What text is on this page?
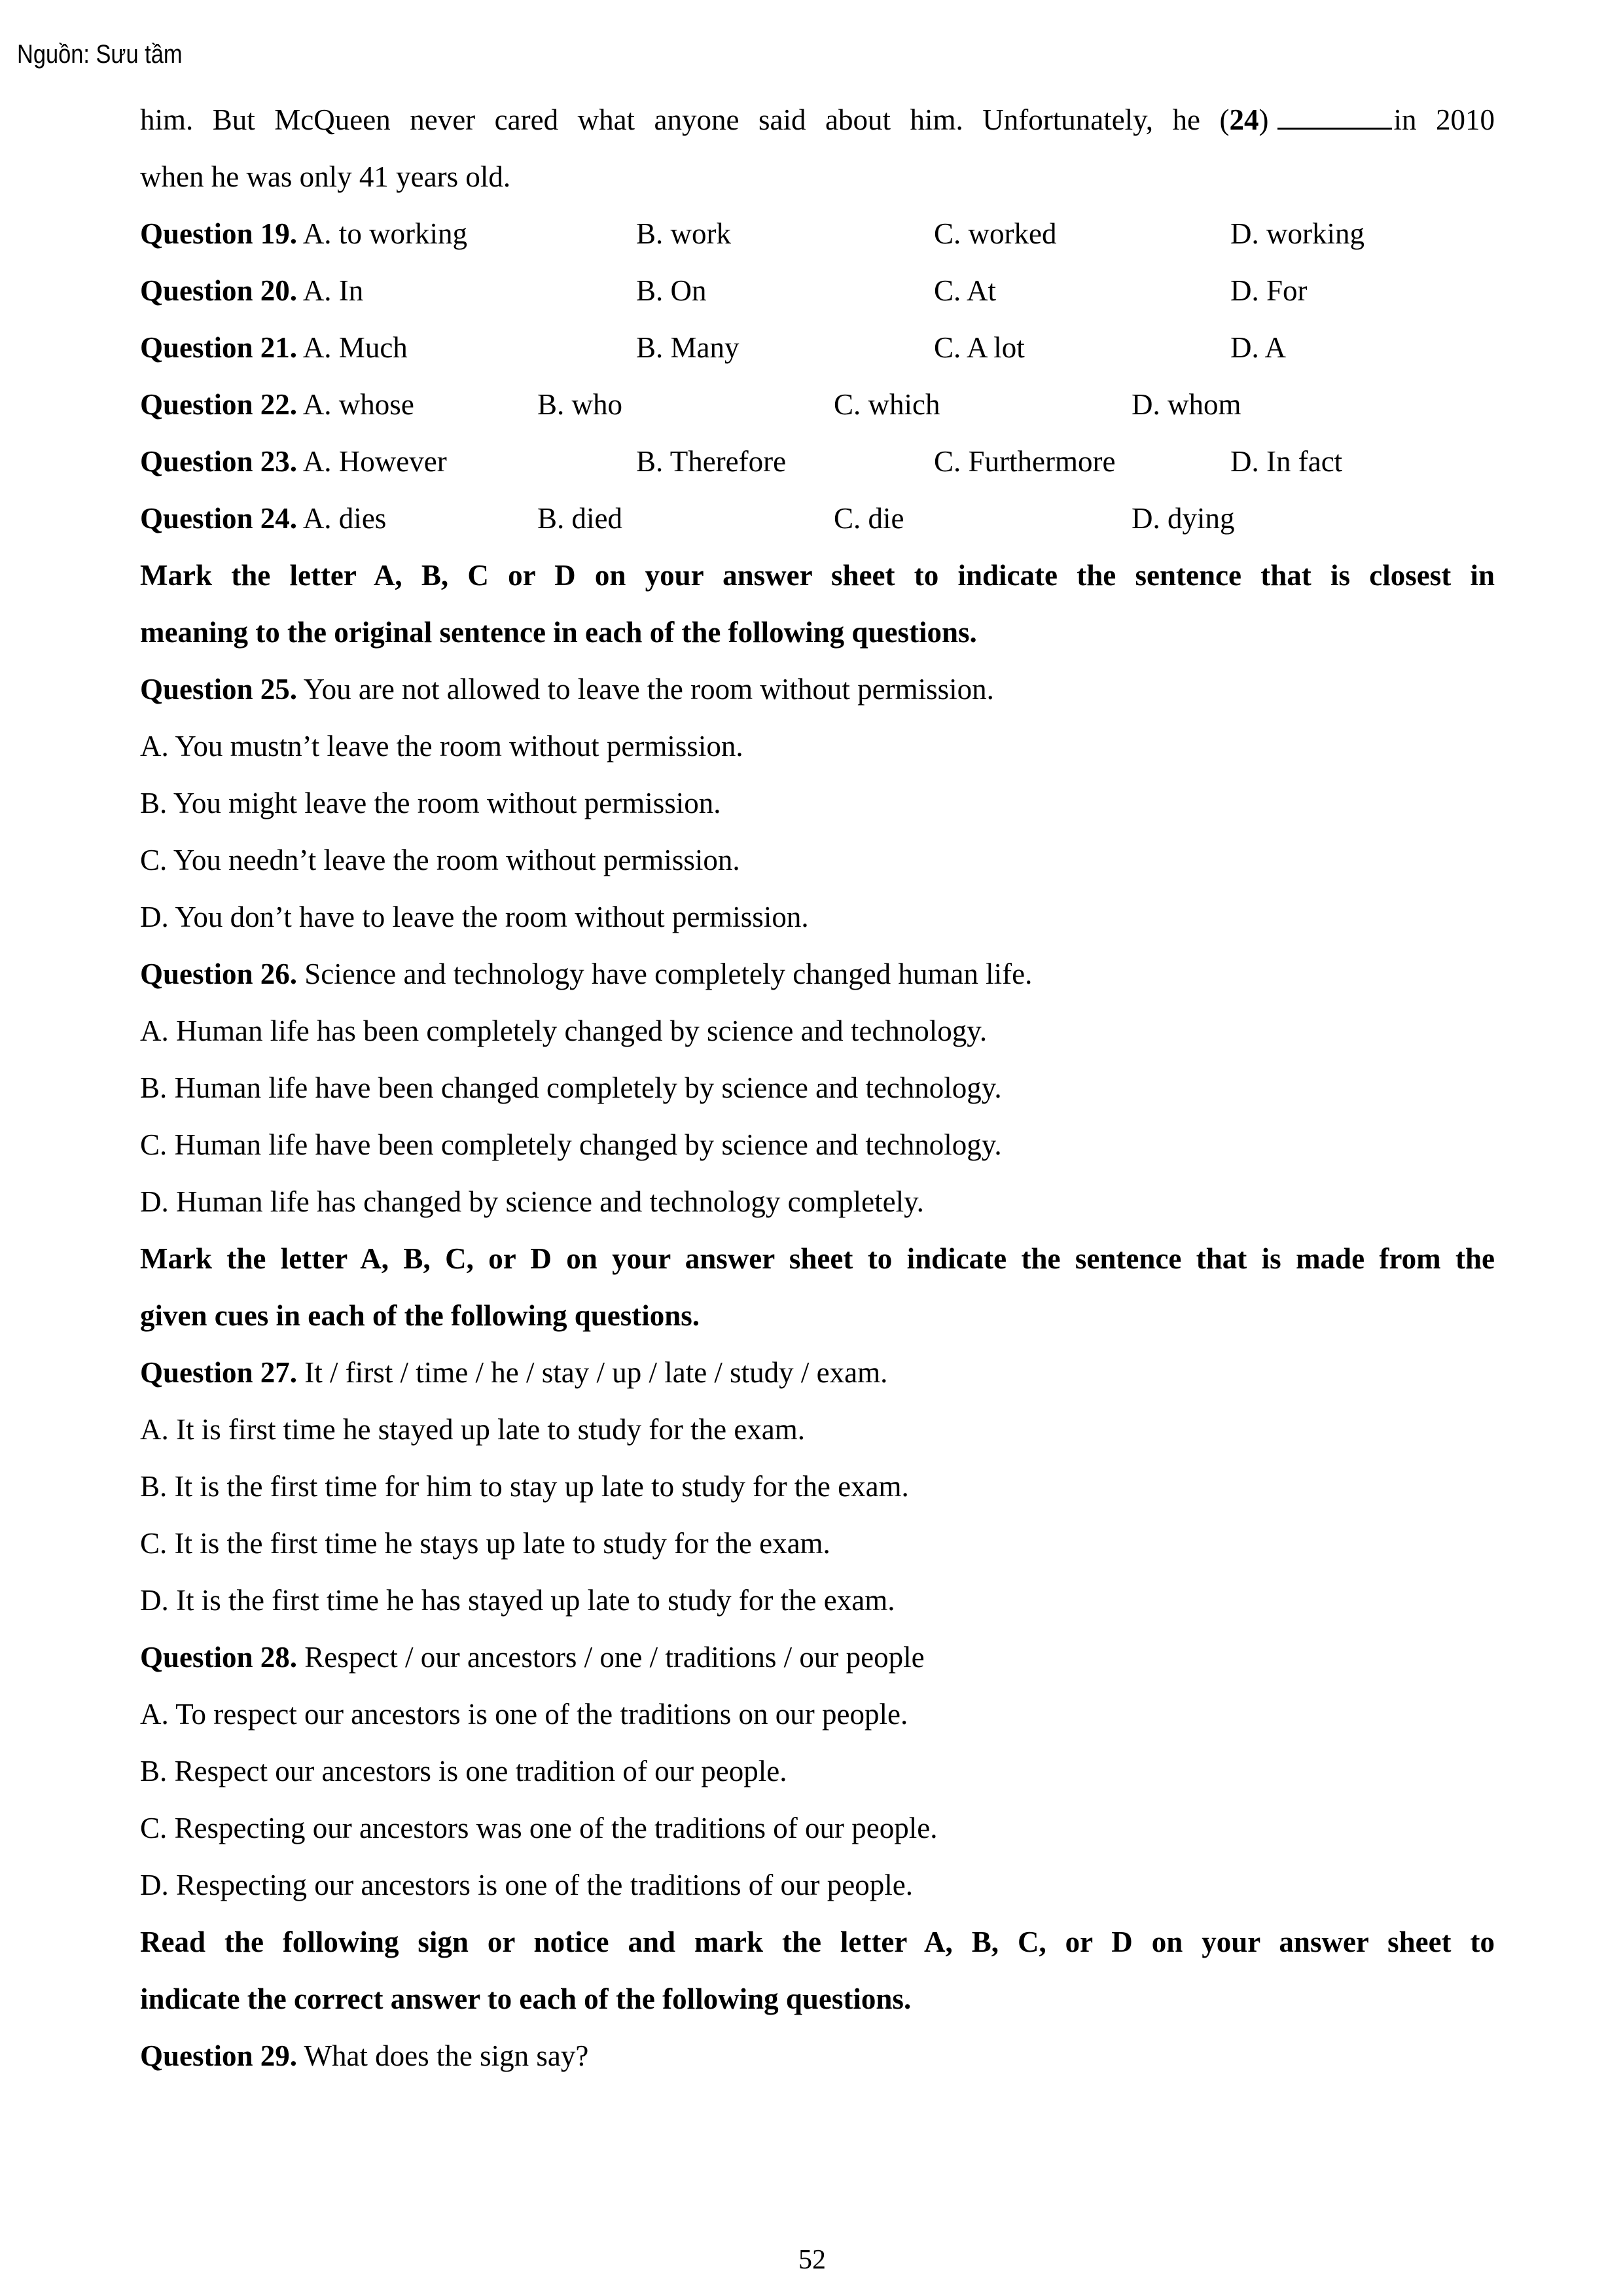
Nguồn: Sưu tầm
him. But McQueen never cared what anyone said about him. Unfortunately, he (24)	in 2010
when he was only 41 years old.
Question 19. A. to working	B. work	C. worked	D. working
Question 20. A. In	B. On	C. At	D. For
Question 21. A. Much	B. Many	C. A lot	D. A
Question 22. A. whose	B. who	C. which	D. whom
Question 23. A. However	B. Therefore	C. Furthermore	D. In fact
Question 24. A. dies	B. died	C. die	D. dying
Mark the letter A, B, C or D on your answer sheet to indicate the sentence that is closest in
meaning to the original sentence in each of the following questions.
Question 25. You are not allowed to leave the room without permission.
A. You mustn’t leave the room without permission.
B. You might leave the room without permission.
C. You needn’t leave the room without permission.
D. You don’t have to leave the room without permission.
Question 26. Science and technology have completely changed human life.
A. Human life has been completely changed by science and technology.
B. Human life have been changed completely by science and technology.
C. Human life have been completely changed by science and technology.
D. Human life has changed by science and technology completely.
Mark the letter A, B, C, or D on your answer sheet to indicate the sentence that is made from the
given cues in each of the following questions.
Question 27. It / first / time / he / stay / up / late / study / exam.
A. It is first time he stayed up late to study for the exam.
B. It is the first time for him to stay up late to study for the exam.
C. It is the first time he stays up late to study for the exam.
D. It is the first time he has stayed up late to study for the exam.
Question 28. Respect / our ancestors / one / traditions / our people
A. To respect our ancestors is one of the traditions on our people.
B. Respect our ancestors is one tradition of our people.
C. Respecting our ancestors was one of the traditions of our people.
D. Respecting our ancestors is one of the traditions of our people.
Read the following sign or notice and mark the letter A, B, C, or D on your answer sheet to
indicate the correct answer to each of the following questions.
Question 29. What does the sign say?
52
